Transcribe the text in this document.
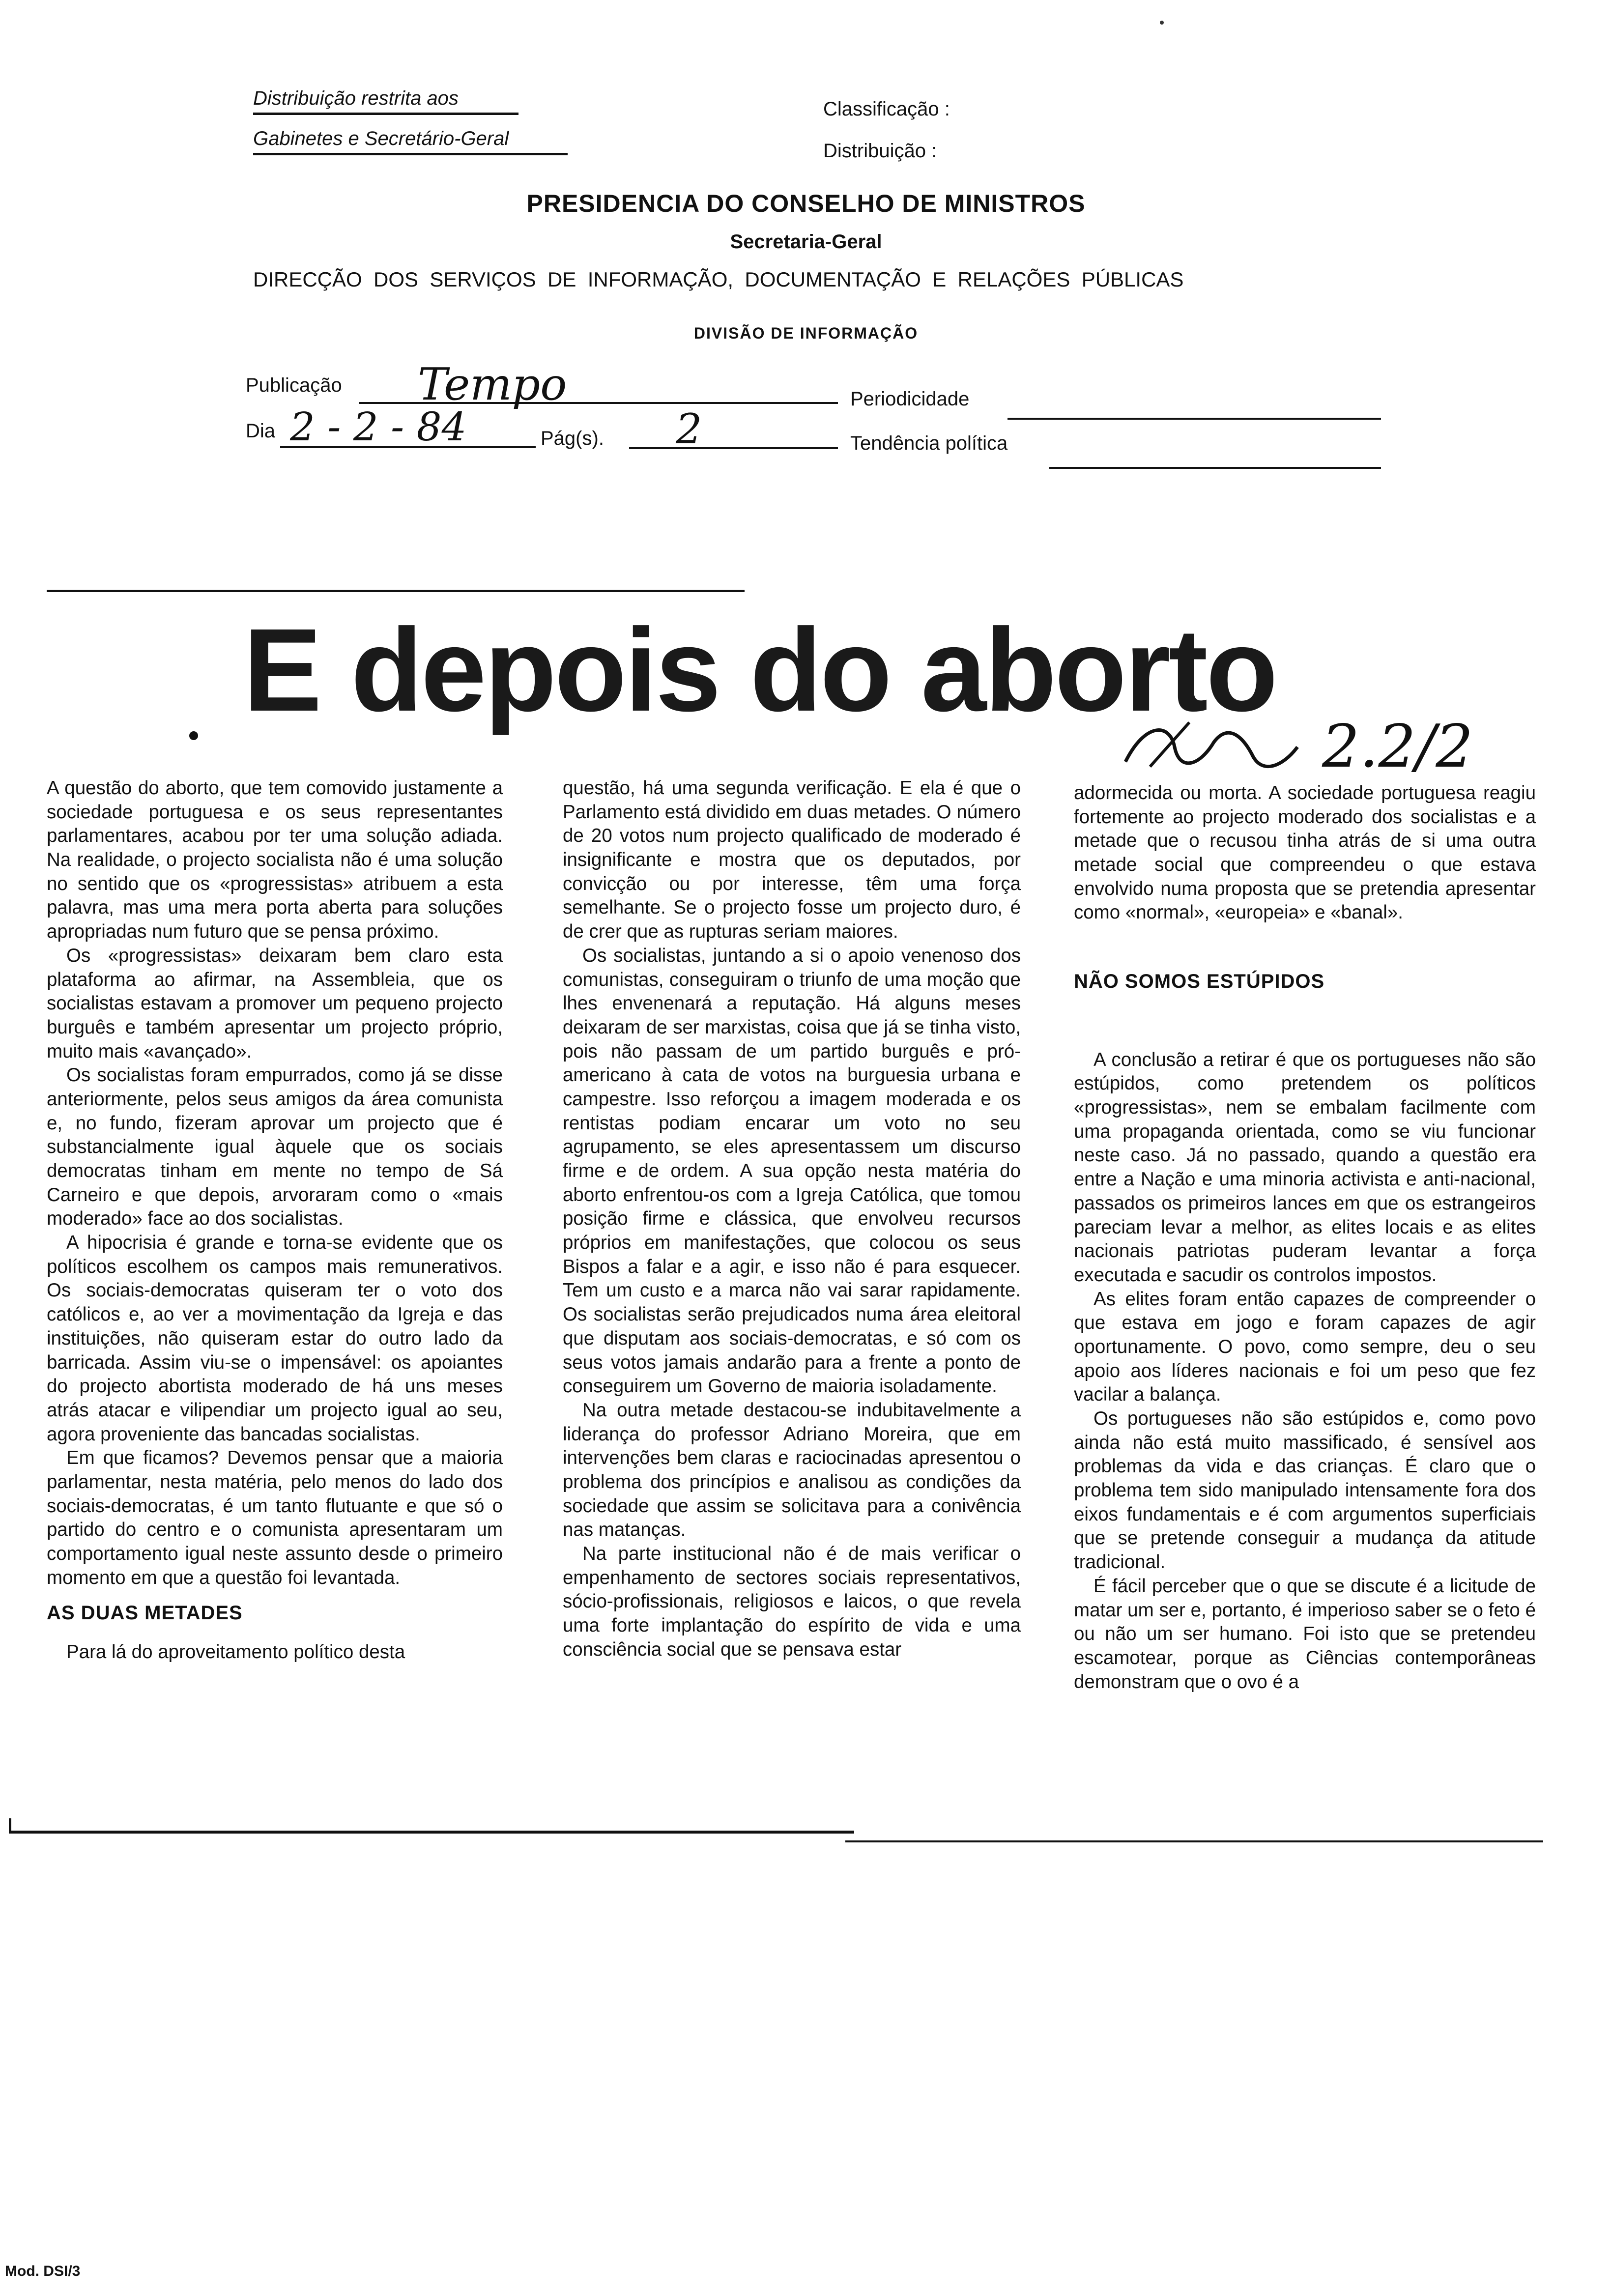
Distribuição restrita aos
Gabinetes e Secretário-Geral
Classificação :
Distribuição :
PRESIDENCIA DO CONSELHO DE MINISTROS
Secretaria-Geral
DIRECÇÃO  DOS  SERVIÇOS  DE  INFORMAÇÃO,  DOCUMENTAÇÃO  E  RELAÇÕES  PÚBLICAS
DIVISÃO DE INFORMAÇÃO
Publicação Tempo	Periodicidade
Dia 2 - 2 - 84	Pág(s). 2	Tendência política
E depois do aborto
2.2/2

A questão do aborto, que tem comovido justamente a sociedade portuguesa e os seus representantes parlamentares, acabou por ter uma solução adiada. Na realidade, o projecto socialista não é uma solução no sentido que os «progressistas» atribuem a esta palavra, mas uma mera porta aberta para soluções apropriadas num futuro que se pensa próximo.

Os «progressistas» deixaram bem claro esta plataforma ao afirmar, na Assembleia, que os socialistas estavam a promover um pequeno projecto burguês e também apresentar um projecto próprio, muito mais «avançado».

Os socialistas foram empurrados, como já se disse anteriormente, pelos seus amigos da área comunista e, no fundo, fizeram aprovar um projecto que é substancialmente igual àquele que os sociais democratas tinham em mente no tempo de Sá Carneiro e que depois, arvoraram como o «mais moderado» face ao dos socialistas.

A hipocrisia é grande e torna-se evidente que os políticos escolhem os campos mais remunerativos. Os sociais-democratas quiseram ter o voto dos católicos e, ao ver a movimentação da Igreja e das instituições, não quiseram estar do outro lado da barricada. Assim viu-se o impensável: os apoiantes do projecto abortista moderado de há uns meses atrás atacar e vilipendiar um projecto igual ao seu, agora proveniente das bancadas socialistas.

Em que ficamos? Devemos pensar que a maioria parlamentar, nesta matéria, pelo menos do lado dos sociais-democratas, é um tanto flutuante e que só o partido do centro e o comunista apresentaram um comportamento igual neste assunto desde o primeiro momento em que a questão foi levantada.

AS DUAS METADES

Para lá do aproveitamento político desta

questão, há uma segunda verificação. E ela é que o Parlamento está dividido em duas metades. O número de 20 votos num projecto qualificado de moderado é insignificante e mostra que os deputados, por convicção ou por interesse, têm uma força semelhante. Se o projecto fosse um projecto duro, é de crer que as rupturas seriam maiores.

Os socialistas, juntando a si o apoio venenoso dos comunistas, conseguiram o triunfo de uma moção que lhes envenenará a reputação. Há alguns meses deixaram de ser marxistas, coisa que já se tinha visto, pois não passam de um partido burguês e pró-americano à cata de votos na burguesia urbana e campestre. Isso reforçou a imagem moderada e os rentistas podiam encarar um voto no seu agrupamento, se eles apresentassem um discurso firme e de ordem. A sua opção nesta matéria do aborto enfrentou-os com a Igreja Católica, que tomou posição firme e clássica, que envolveu recursos próprios em manifestações, que colocou os seus Bispos a falar e a agir, e isso não é para esquecer. Tem um custo e a marca não vai sarar rapidamente. Os socialistas serão prejudicados numa área eleitoral que disputam aos sociais-democratas, e só com os seus votos jamais andarão para a frente a ponto de conseguirem um Governo de maioria isoladamente.

Na outra metade destacou-se indubitavelmente a liderança do professor Adriano Moreira, que em intervenções bem claras e raciocinadas apresentou o problema dos princípios e analisou as condições da sociedade que assim se solicitava para a conivência nas matanças.

Na parte institucional não é de mais verificar o empenhamento de sectores sociais representativos, sócio-profissionais, religiosos e laicos, o que revela uma forte implantação do espírito de vida e uma consciência social que se pensava estar

adormecida ou morta. A sociedade portuguesa reagiu fortemente ao projecto moderado dos socialistas e a metade que o recusou tinha atrás de si uma outra metade social que compreendeu o que estava envolvido numa proposta que se pretendia apresentar como «normal», «europeia» e «banal».

NÃO SOMOS ESTÚPIDOS

A conclusão a retirar é que os portugueses não são estúpidos, como pretendem os políticos «progressistas», nem se embalam facilmente com uma propaganda orientada, como se viu funcionar neste caso. Já no passado, quando a questão era entre a Nação e uma minoria activista e anti-nacional, passados os primeiros lances em que os estrangeiros pareciam levar a melhor, as elites locais e as elites nacionais patriotas puderam levantar a força executada e sacudir os controlos impostos.

As elites foram então capazes de compreender o que estava em jogo e foram capazes de agir oportunamente. O povo, como sempre, deu o seu apoio aos líderes nacionais e foi um peso que fez vacilar a balança.

Os portugueses não são estúpidos e, como povo ainda não está muito massificado, é sensível aos problemas da vida e das crianças. É claro que o problema tem sido manipulado intensamente fora dos eixos fundamentais e é com argumentos superficiais que se pretende conseguir a mudança da atitude tradicional.

É fácil perceber que o que se discute é a licitude de matar um ser e, portanto, é imperioso saber se o feto é ou não um ser humano. Foi isto que se pretendeu escamotear, porque as Ciências contemporâneas demonstram que o ovo é a

Mod. DSI/3
